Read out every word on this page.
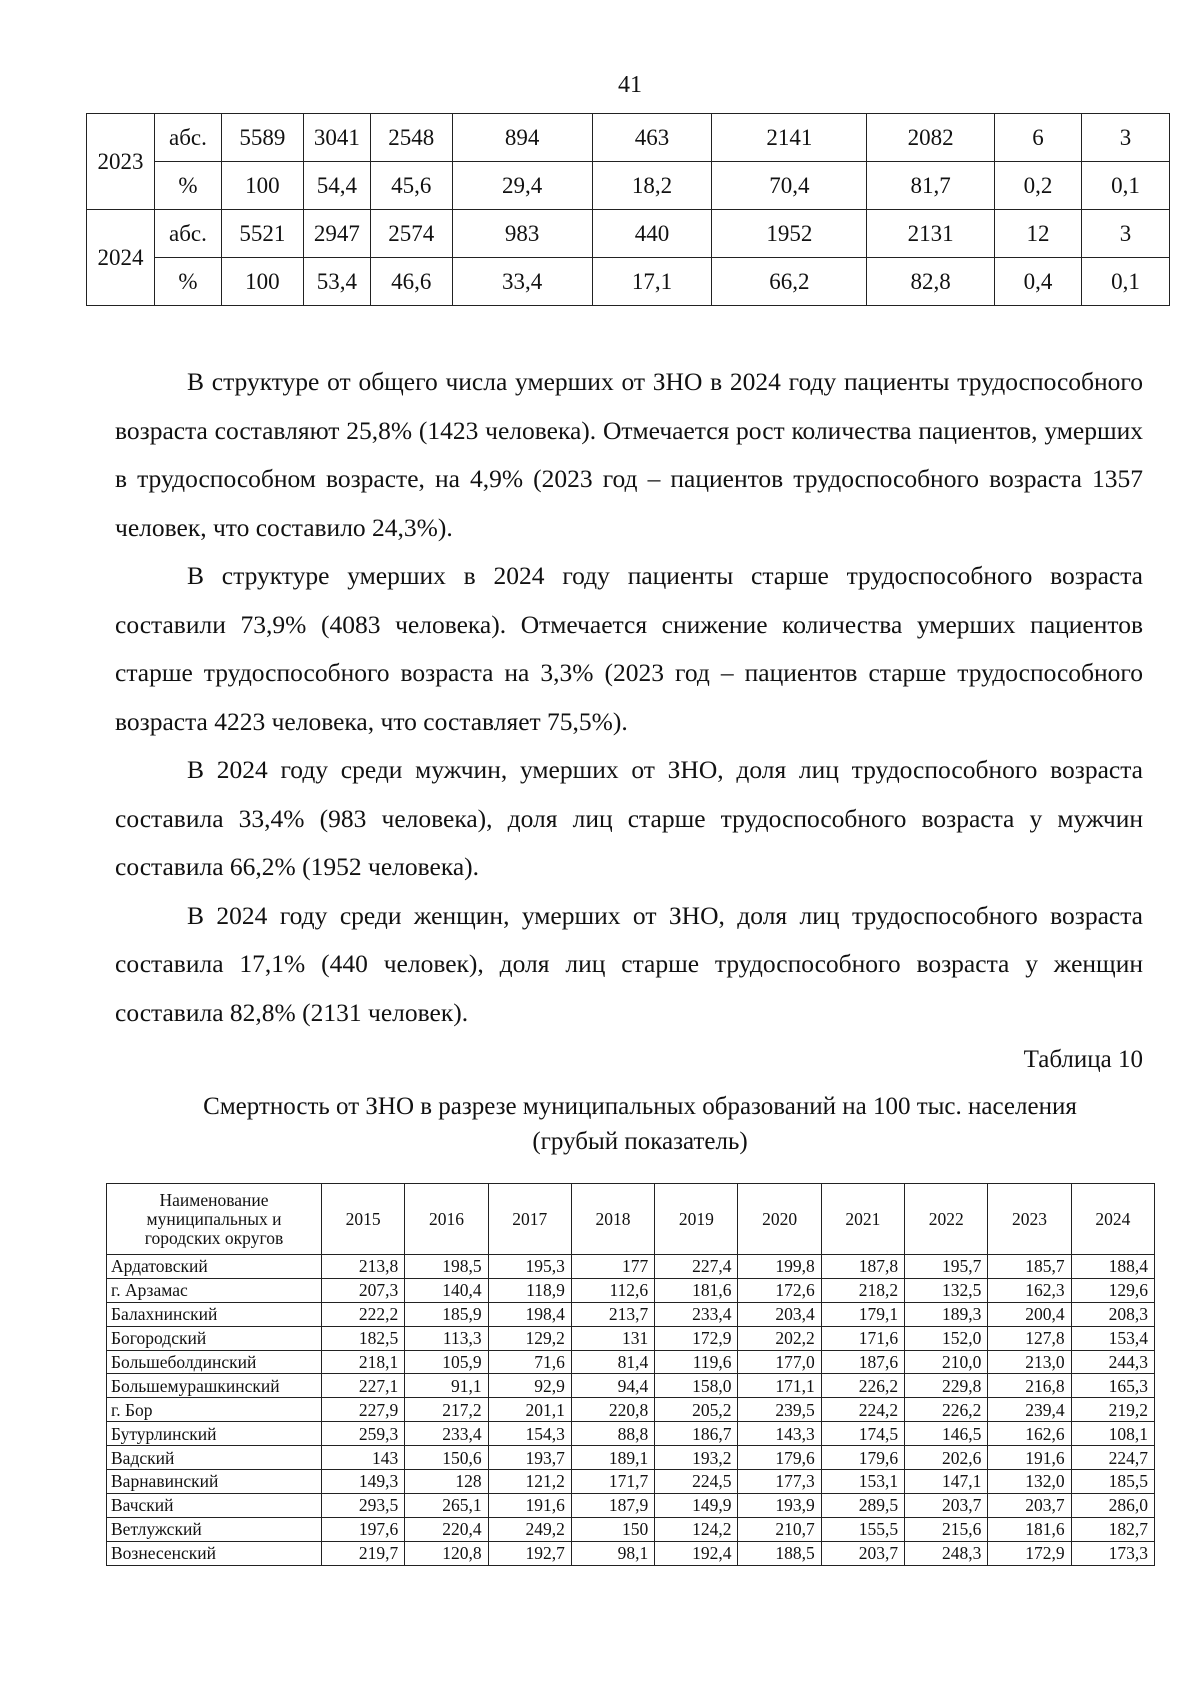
41
2023	абс.	5589	3041	2548	894	463	2141	2082	6	3
	%	100	54,4	45,6	29,4	18,2	70,4	81,7	0,2	0,1
2024	абс.	5521	2947	2574	983	440	1952	2131	12	3
	%	100	53,4	46,6	33,4	17,1	66,2	82,8	0,4	0,1

В структуре от общего числа умерших от ЗНО в 2024 году пациенты трудоспособного возраста составляют 25,8% (1423 человека). Отмечается рост количества пациентов, умерших в трудоспособном возрасте, на 4,9% (2023 год – пациентов трудоспособного возраста 1357 человек, что составило 24,3%).

В структуре умерших в 2024 году пациенты старше трудоспособного возраста составили 73,9% (4083 человека). Отмечается снижение количества умерших пациентов старше трудоспособного возраста на 3,3% (2023 год – пациентов старше трудоспособного возраста 4223 человека, что составляет 75,5%).

В 2024 году среди мужчин, умерших от ЗНО, доля лиц трудоспособного возраста составила 33,4% (983 человека), доля лиц старше трудоспособного возраста у мужчин составила 66,2% (1952 человека).

В 2024 году среди женщин, умерших от ЗНО, доля лиц трудоспособного возраста составила 17,1% (440 человек), доля лиц старше трудоспособного возраста у женщин составила 82,8% (2131 человек).

Таблица 10
Смертность от ЗНО в разрезе муниципальных образований на 100 тыс. населения
(грубый показатель)
Наименование муниципальных и городских округов	2015	2016	2017	2018	2019	2020	2021	2022	2023	2024
Ардатовский	213,8	198,5	195,3	177	227,4	199,8	187,8	195,7	185,7	188,4
г. Арзамас	207,3	140,4	118,9	112,6	181,6	172,6	218,2	132,5	162,3	129,6
Балахнинский	222,2	185,9	198,4	213,7	233,4	203,4	179,1	189,3	200,4	208,3
Богородский	182,5	113,3	129,2	131	172,9	202,2	171,6	152,0	127,8	153,4
Большеболдинский	218,1	105,9	71,6	81,4	119,6	177,0	187,6	210,0	213,0	244,3
Большемурашкинский	227,1	91,1	92,9	94,4	158,0	171,1	226,2	229,8	216,8	165,3
г. Бор	227,9	217,2	201,1	220,8	205,2	239,5	224,2	226,2	239,4	219,2
Бутурлинский	259,3	233,4	154,3	88,8	186,7	143,3	174,5	146,5	162,6	108,1
Вадский	143	150,6	193,7	189,1	193,2	179,6	179,6	202,6	191,6	224,7
Варнавинский	149,3	128	121,2	171,7	224,5	177,3	153,1	147,1	132,0	185,5
Вачский	293,5	265,1	191,6	187,9	149,9	193,9	289,5	203,7	203,7	286,0
Ветлужский	197,6	220,4	249,2	150	124,2	210,7	155,5	215,6	181,6	182,7
Вознесенский	219,7	120,8	192,7	98,1	192,4	188,5	203,7	248,3	172,9	173,3
